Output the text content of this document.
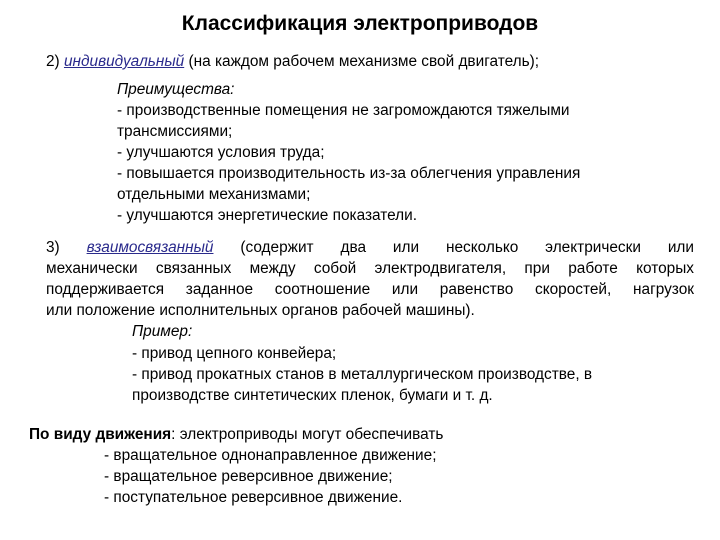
Классификация электроприводов
2) индивидуальный (на каждом рабочем механизме свой двигатель);
Преимущества:
- производственные помещения не загромождаются тяжелыми
трансмиссиями;
- улучшаются условия труда;
- повышается производительность из-за облегчения управления
отдельными механизмами;
- улучшаются энергетические показатели.
3) взаимосвязанный (содержит два или несколько электрически или
механически связанных между собой электродвигателя, при работе которых
поддерживается заданное соотношение или равенство скоростей, нагрузок
или положение исполнительных органов рабочей машины).
Пример:
- привод цепного конвейера;
- привод прокатных станов в металлургическом производстве, в
производстве синтетических пленок, бумаги и т. д.
По виду движения: электроприводы могут обеспечивать
- вращательное однонаправленное движение;
- вращательное реверсивное движение;
- поступательное реверсивное движение.
